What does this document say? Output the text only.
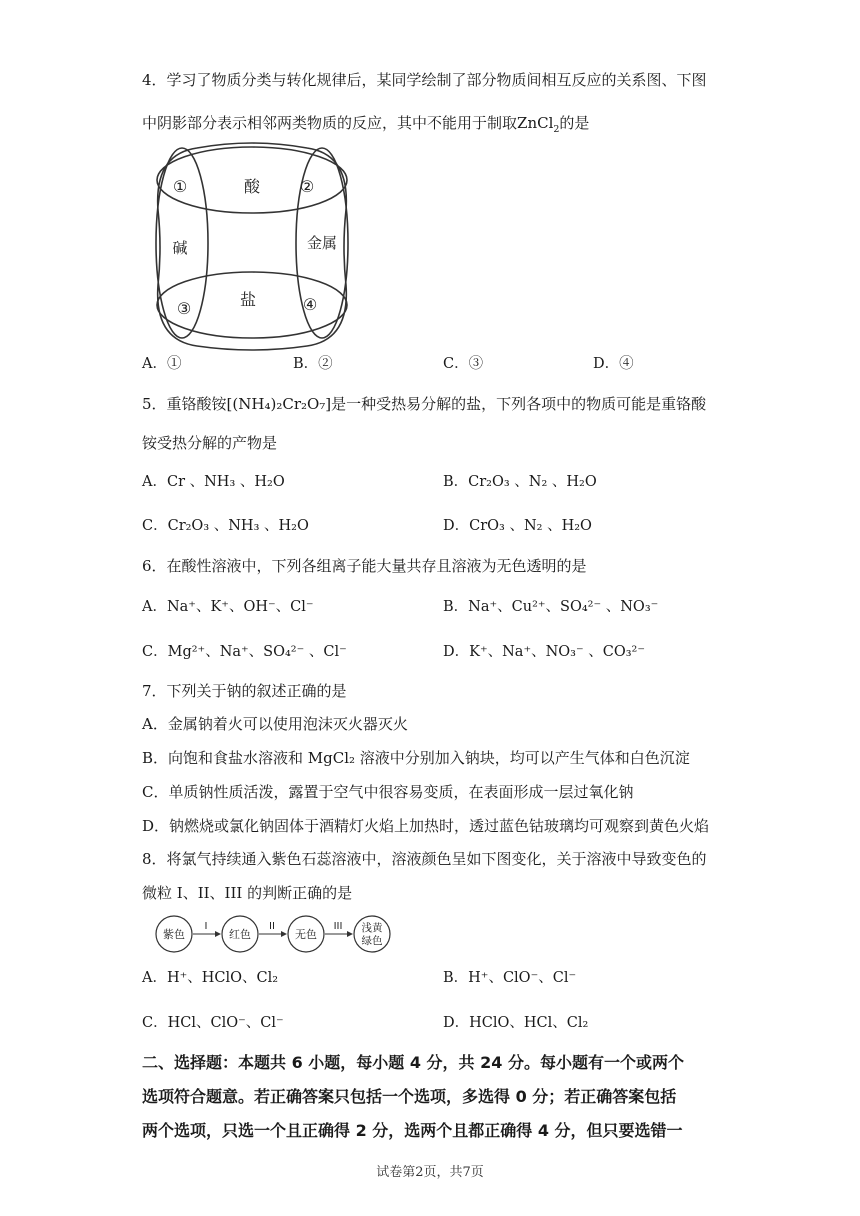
4．学习了物质分类与转化规律后，某同学绘制了部分物质间相互反应的关系图、下图
中阴影部分表示相邻两类物质的反应，其中不能用于制取ZnCl$_2$的是
酸
金属
碱
盐
①	②
③	④
A．①	B．②	C．③	D．④
5．重铬酸铵[(NH₄)₂Cr₂O₇]是一种受热易分解的盐，下列各项中的物质可能是重铬酸
铵受热分解的产物是
A．Cr 、NH₃ 、H₂O	B．Cr₂O₃ 、N₂ 、H₂O
C．Cr₂O₃ 、NH₃ 、H₂O	D．CrO₃ 、N₂ 、H₂O
6．在酸性溶液中，下列各组离子能大量共存且溶液为无色透明的是
A．Na⁺、K⁺、OH⁻、Cl⁻	B．Na⁺、Cu²⁺、SO₄²⁻ 、NO₃⁻
C．Mg²⁺、Na⁺、SO₄²⁻ 、Cl⁻	D．K⁺、Na⁺、NO₃⁻ 、CO₃²⁻
7．下列关于钠的叙述正确的是
A．金属钠着火可以使用泡沫灭火器灭火
B．向饱和食盐水溶液和 MgCl₂ 溶液中分别加入钠块，均可以产生气体和白色沉淀
C．单质钠性质活泼，露置于空气中很容易变质，在表面形成一层过氧化钠
D．钠燃烧或氯化钠固体于酒精灯火焰上加热时，透过蓝色钴玻璃均可观察到黄色火焰
8．将氯气持续通入紫色石蕊溶液中，溶液颜色呈如下图变化，关于溶液中导致变色的
微粒 I、II、III 的判断正确的是
紫色	红色	无色	浅黄
绿色
I	II	III
A．H⁺、HClO、Cl₂	B．H⁺、ClO⁻、Cl⁻
C．HCl、ClO⁻、Cl⁻	D．HClO、HCl、Cl₂
二、选择题：本题共 6 小题，每小题 4 分，共 24 分。每小题有一个或两个
选项符合题意。若正确答案只包括一个选项，多选得 0 分；若正确答案包括
两个选项，只选一个且正确得 2 分，选两个且都正确得 4 分，但只要选错一
试卷第2页，共7页
